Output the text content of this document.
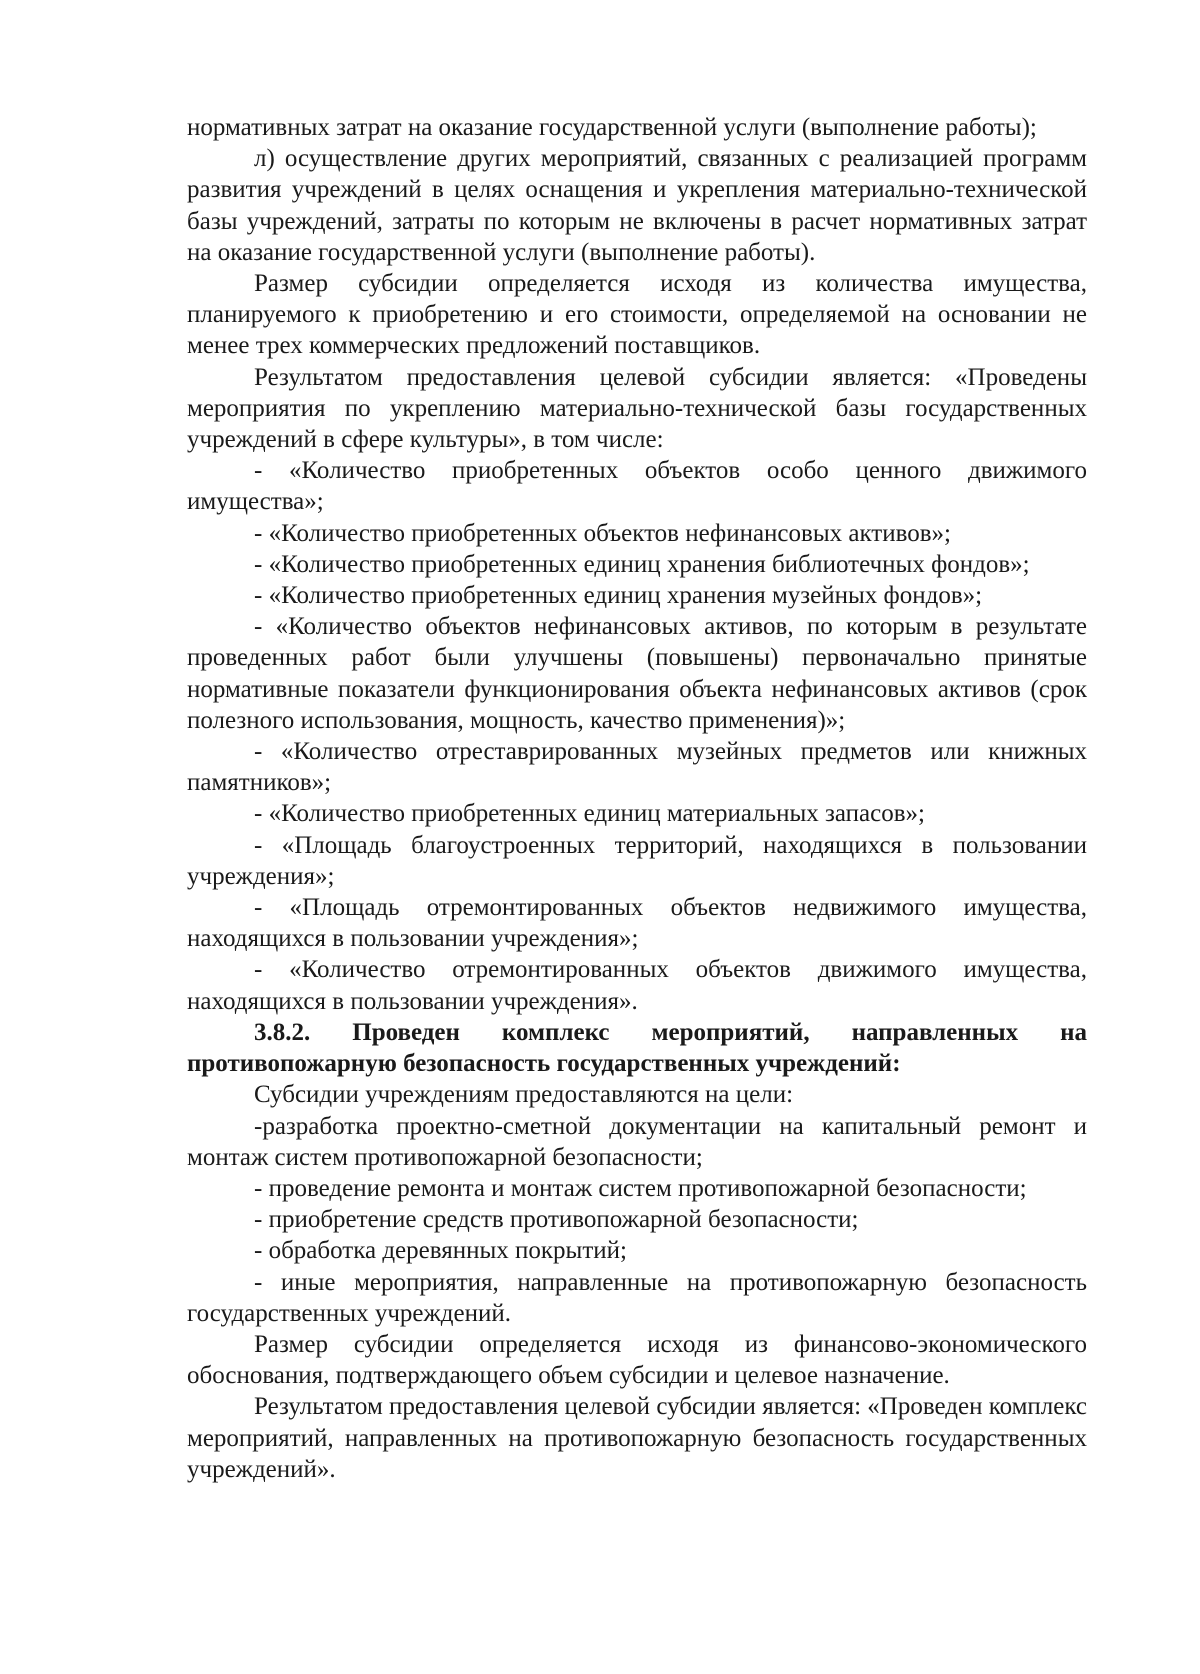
нормативных затрат на оказание государственной услуги (выполнение работы);

л) осуществление других мероприятий, связанных с реализацией программ развития учреждений в целях оснащения и укрепления материально-технической базы учреждений, затраты по которым не включены в расчет нормативных затрат на оказание государственной услуги (выполнение работы).

Размер субсидии определяется исходя из количества имущества, планируемого к приобретению и его стоимости, определяемой на основании не менее трех коммерческих предложений поставщиков.

Результатом предоставления целевой субсидии является: «Проведены мероприятия по укреплению материально-технической базы государственных учреждений в сфере культуры», в том числе:

- «Количество приобретенных объектов особо ценного движимого имущества»;

- «Количество приобретенных объектов нефинансовых активов»;

- «Количество приобретенных единиц хранения библиотечных фондов»;

- «Количество приобретенных единиц хранения музейных фондов»;

- «Количество объектов нефинансовых активов, по которым в результате проведенных работ были улучшены (повышены) первоначально принятые нормативные показатели функционирования объекта нефинансовых активов (срок полезного использования, мощность, качество применения)»;

- «Количество отреставрированных музейных предметов или книжных памятников»;

- «Количество приобретенных единиц материальных запасов»;

- «Площадь благоустроенных территорий, находящихся в пользовании учреждения»;

- «Площадь отремонтированных объектов недвижимого имущества, находящихся в пользовании учреждения»;

- «Количество отремонтированных объектов движимого имущества, находящихся в пользовании учреждения».

3.8.2. Проведен комплекс мероприятий, направленных на противопожарную безопасность государственных учреждений:

Субсидии учреждениям предоставляются на цели:

-разработка проектно-сметной документации на капитальный ремонт и монтаж систем противопожарной безопасности;

- проведение ремонта и монтаж систем противопожарной безопасности;

- приобретение средств противопожарной безопасности;

- обработка деревянных покрытий;

- иные мероприятия, направленные на противопожарную безопасность государственных учреждений.

Размер субсидии определяется исходя из финансово-экономического обоснования, подтверждающего объем субсидии и целевое назначение.

Результатом предоставления целевой субсидии является: «Проведен комплекс мероприятий, направленных на противопожарную безопасность государственных учреждений».
